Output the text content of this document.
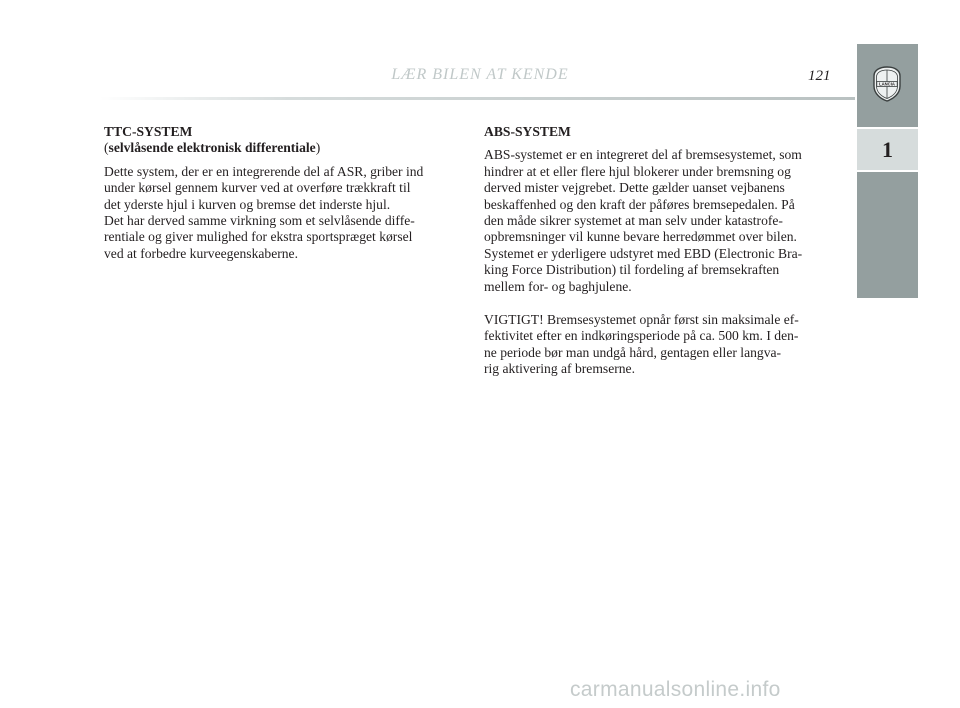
LÆR BILEN AT KENDE	121
LANCIA
1

TTC-SYSTEM

(selvlåsende elektronisk differentiale)

Dette system, der er en integrerende del af ASR, griber ind
under kørsel gennem kurver ved at overføre trækkraft til
det yderste hjul i kurven og bremse det inderste hjul.
Det har derved samme virkning som et selvlåsende diffe-
rentiale og giver mulighed for ekstra sportspræget kørsel
ved at forbedre kurveegenskaberne.

ABS-SYSTEM

ABS-systemet er en integreret del af bremsesystemet, som
hindrer at et eller flere hjul blokerer under bremsning og
derved mister vejgrebet. Dette gælder uanset vejbanens
beskaffenhed og den kraft der påføres bremsepedalen. På
den måde sikrer systemet at man selv under katastrofe-
opbremsninger vil kunne bevare herredømmet over bilen.
Systemet er yderligere udstyret med EBD (Electronic Bra-
king Force Distribution) til fordeling af bremsekraften
mellem for- og baghjulene.

VIGTIGT! Bremsesystemet opnår først sin maksimale ef-
fektivitet efter en indkøringsperiode på ca. 500 km. I den-
ne periode bør man undgå hård, gentagen eller langva-
rig aktivering af bremserne.

carmanualsonline.info
